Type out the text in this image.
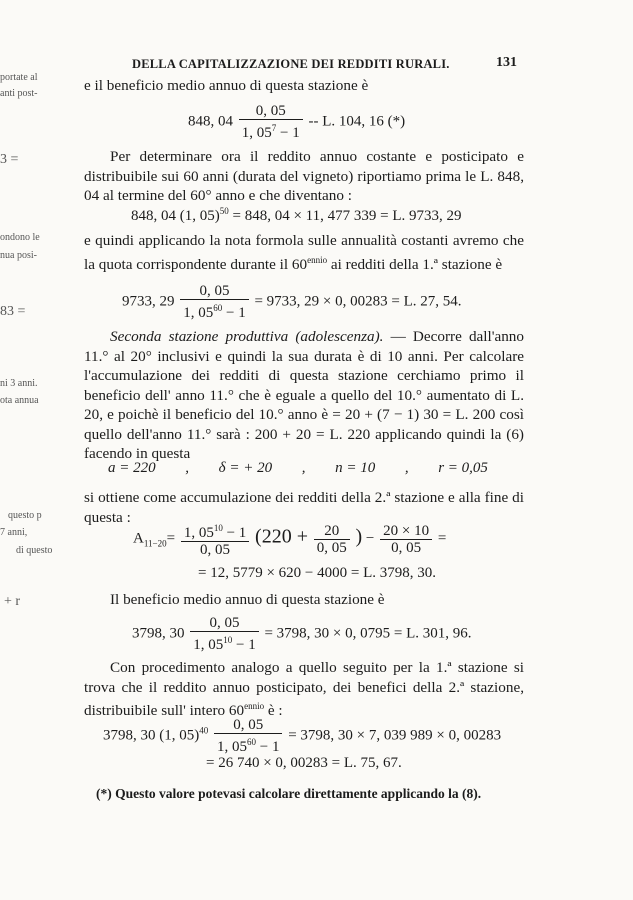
portate al
anti post-
3 =
ondono le
nua posi-
83 =
ni 3 anni.
ota annua
questo p
7 anni,
di questo
+ r
DELLA CAPITALIZZAZIONE DEI REDDITI RURALI.	131
e il beneficio medio annuo di questa stazione è
848, $04 \frac{0, 05}{1, 05^7 - 1}$ -- L. 104, 16 (*)
Per determinare ora il reddito annuo costante e posticipato e distribuibile sui 60 anni (durata del vigneto) riportiamo prima le L. 848, 04 al termine del 60° anno e che diventano :
848, 04 (1, 05)$^{50}$ = 848, 04 × 11, 477 339 = L. 9733, 29
e quindi applicando la nota formola sulle annualità costanti avremo che la quota corrispondente durante il $60^{ennio}$ ai redditi della 1.ª stazione è
9733, $29 \frac{0, 05}{1, 05^{60} - 1} = 9733$, 29 × 0, 00283 = L. 27, 54.
Seconda stazione produttiva (adolescenza). — Decorre dall'anno 11.° al 20° inclusivi e quindi la sua durata è di 10 anni. Per calcolare l'accumulazione dei redditi di questa stazione cerchiamo primo il beneficio dell' anno 11.° che è eguale a quello del 10.° aumentato di L. 20, e poichè il beneficio del 10.° anno è = 20 + (7 − 1) 30 = L. 200 così quello dell'anno 11.° sarà : 200 + 20 = L. 220 applicando quindi la (6) facendo in questa
a = 220 , δ = + 20 , n = 10 , r = 0,05
si ottiene come accumulazione dei redditi della 2.ª stazione e alla fine di questa :
$A_{11-20}= \frac{1, 05^{10} - 1}{0, 05} (220 + \frac{20}{0, 05}$ ) − $\frac{20 \times 10}{0, 05}$ =
= 12, 5779 × 620 − 4000 = L. 3798, 30.
Il beneficio medio annuo di questa stazione è
3798, $30 \frac{0, 05}{1, 05^{10} - 1} = 3798$, 30 × 0, 0795 = L. 301, 96.
Con procedimento analogo a quello seguito per la 1.ª stazione si trova che il reddito annuo posticipato, dei benefici della 2.ª stazione, distribuibile sull' intero $60^{ennio}$ è :
3798, 30 (1, $05)^{40} \frac{0, 05}{1, 05^{60} - 1} = 3798$, 30 × 7, 039 989 × 0, 00283
= 26 740 × 0, 00283 = L. 75, 67.
(*) Questo valore potevasi calcolare direttamente applicando la (8).
